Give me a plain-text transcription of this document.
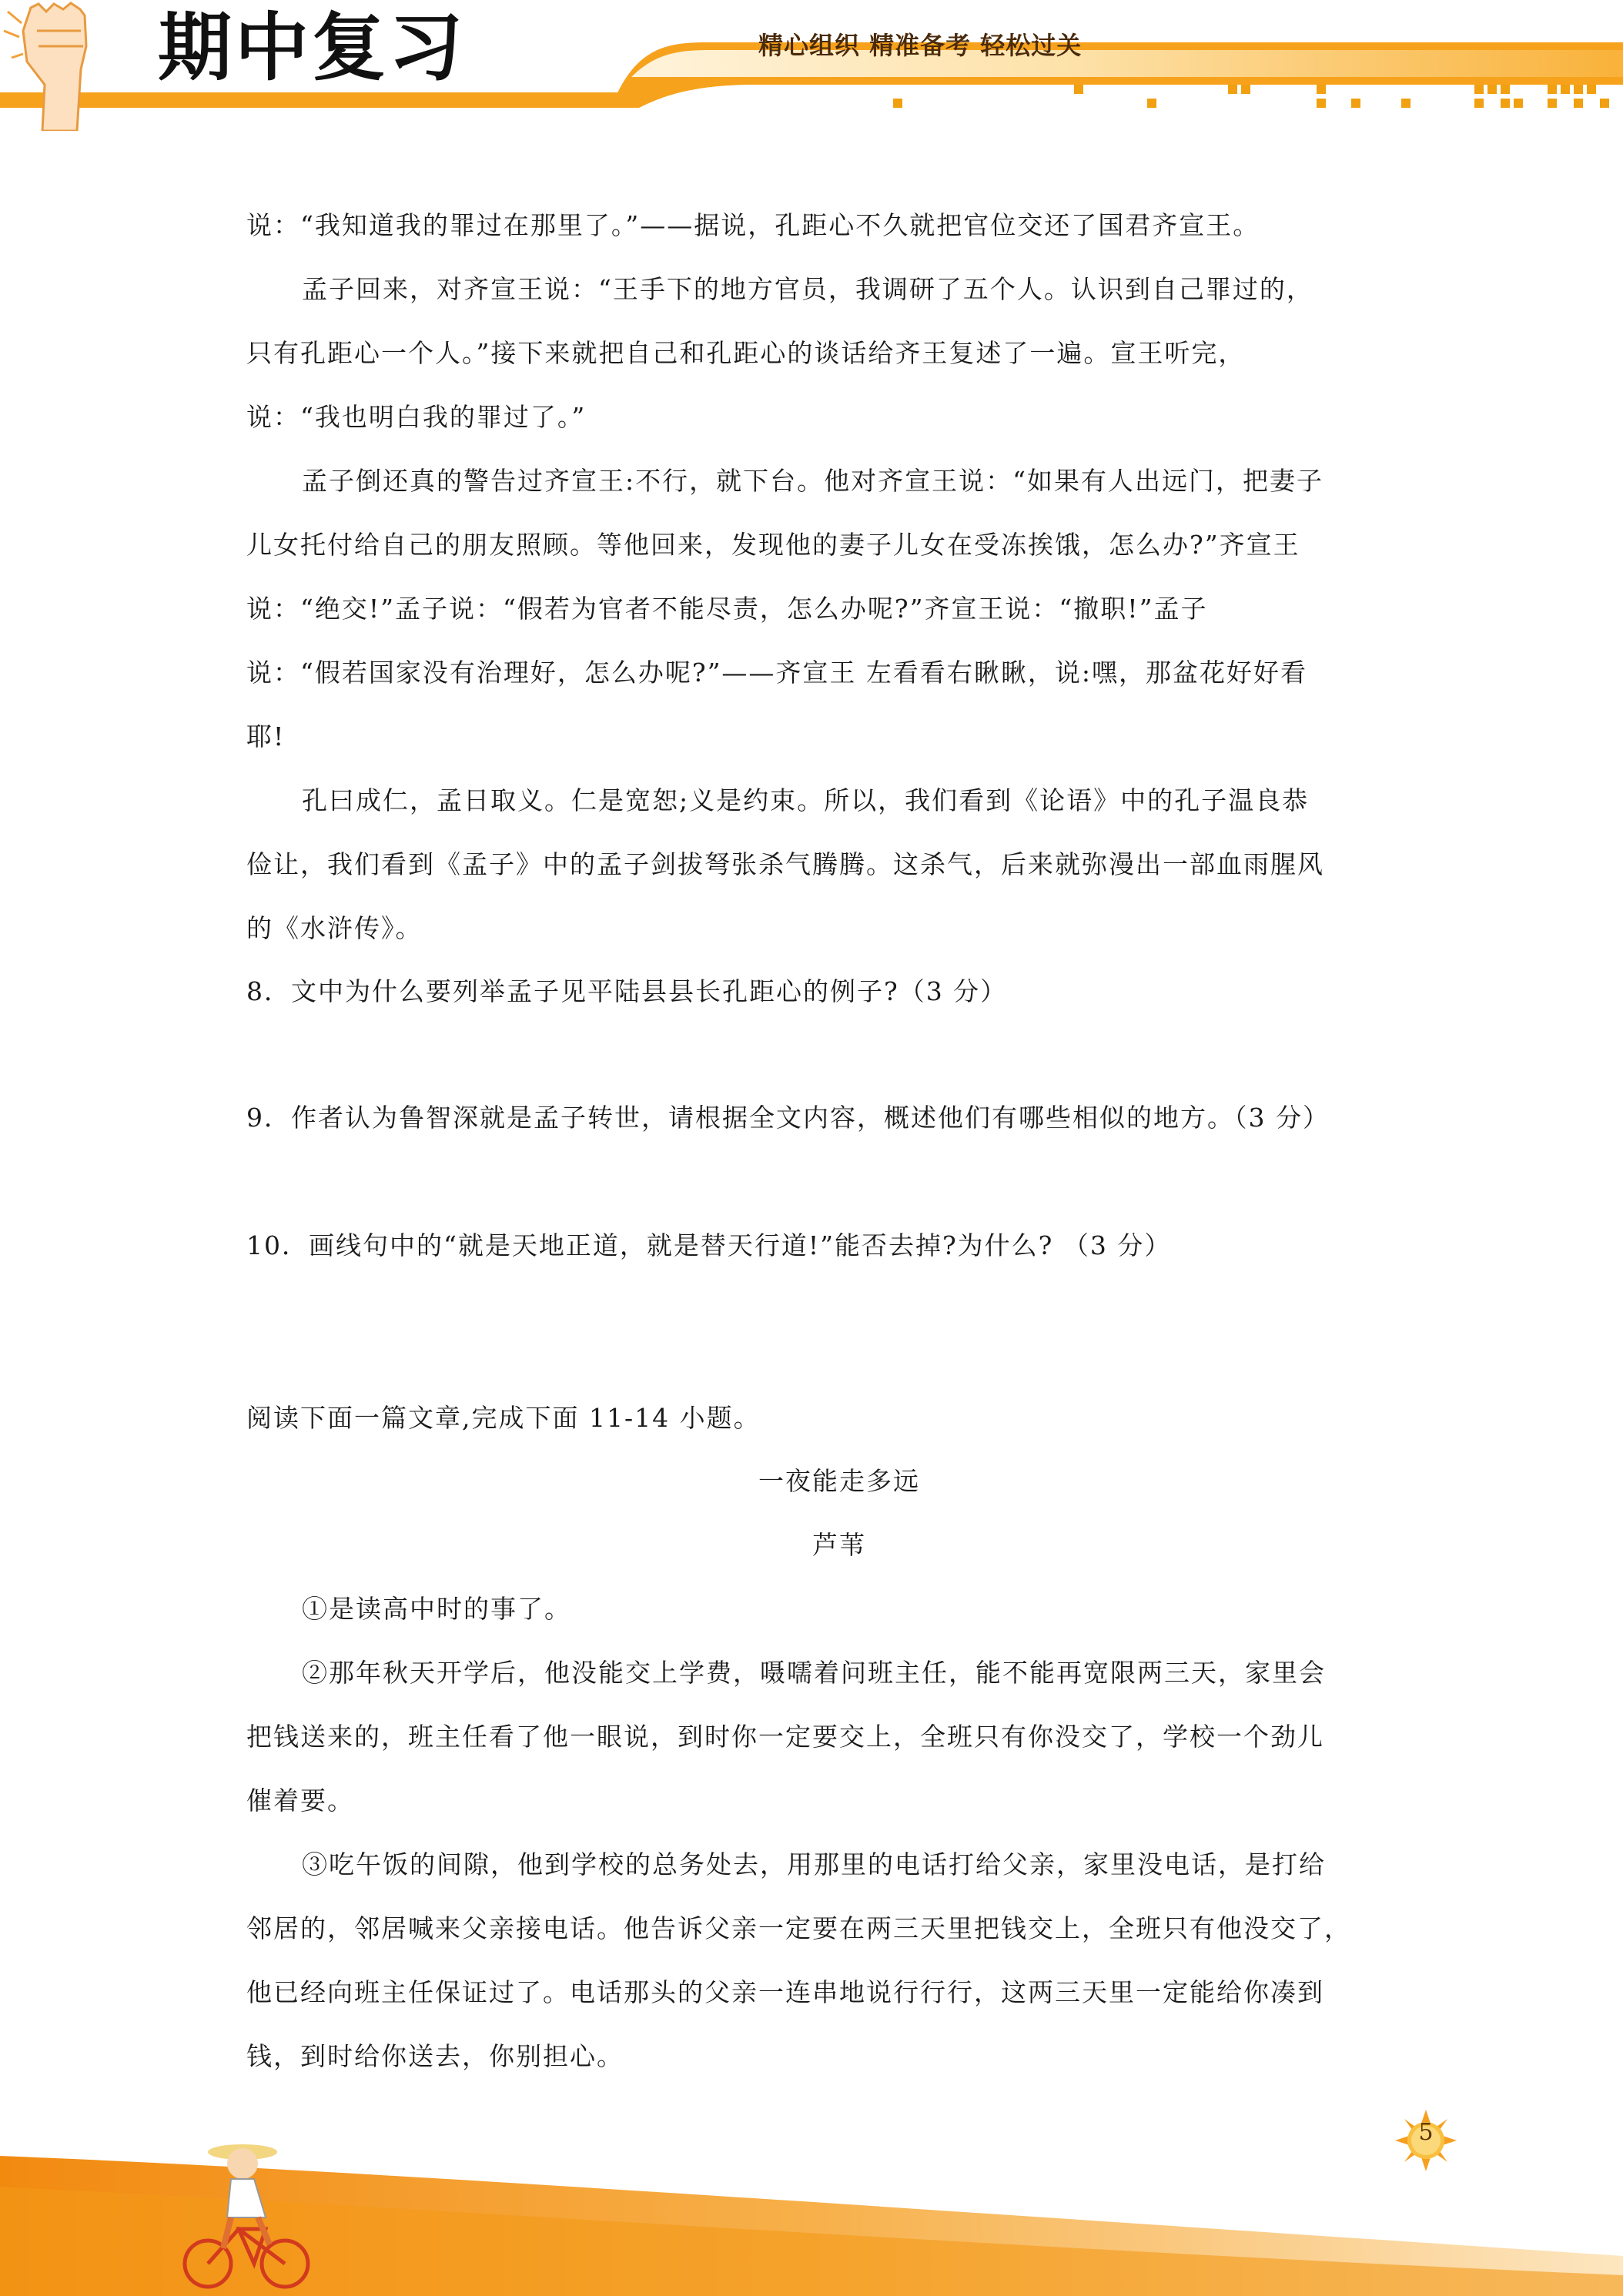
期中复习	精心组织 精准备考 轻松过关
说：“我知道我的罪过在那里了。”——据说，孔距心不久就把官位交还了国君齐宣王。
孟子回来，对齐宣王说：“王手下的地方官员，我调研了五个人。认识到自己罪过的，
只有孔距心一个人。”接下来就把自己和孔距心的谈话给齐王复述了一遍。宣王听完，
说：“我也明白我的罪过了。”
孟子倒还真的警告过齐宣王:不行，就下台。他对齐宣王说：“如果有人出远门，把妻子
儿女托付给自己的朋友照顾。等他回来，发现他的妻子儿女在受冻挨饿，怎么办?”齐宣王
说：“绝交!”孟子说：“假若为官者不能尽责，怎么办呢?”齐宣王说：“撤职!”孟子
说：“假若国家没有治理好，怎么办呢?”——齐宣王 左看看右瞅瞅，说:嘿，那盆花好好看
耶!
孔曰成仁，孟日取义。仁是宽恕;义是约束。所以，我们看到《论语》中的孔子温良恭
俭让，我们看到《孟子》中的孟子剑拔弩张杀气腾腾。这杀气，后来就弥漫出一部血雨腥风
的《水浒传》。
8．文中为什么要列举孟子见平陆县县长孔距心的例子?（3 分）
9．作者认为鲁智深就是孟子转世，请根据全文内容，概述他们有哪些相似的地方。（3 分）
10．画线句中的“就是天地正道，就是替天行道!”能否去掉?为什么? （3 分）
阅读下面一篇文章,完成下面 11-14 小题。
一夜能走多远
芦苇
①是读高中时的事了。
②那年秋天开学后，他没能交上学费，嗫嚅着问班主任，能不能再宽限两三天，家里会
把钱送来的，班主任看了他一眼说，到时你一定要交上，全班只有你没交了，学校一个劲儿
催着要。
③吃午饭的间隙，他到学校的总务处去，用那里的电话打给父亲，家里没电话，是打给
邻居的，邻居喊来父亲接电话。他告诉父亲一定要在两三天里把钱交上，全班只有他没交了，
他已经向班主任保证过了。电话那头的父亲一连串地说行行行，这两三天里一定能给你凑到
钱，到时给你送去，你别担心。
5
